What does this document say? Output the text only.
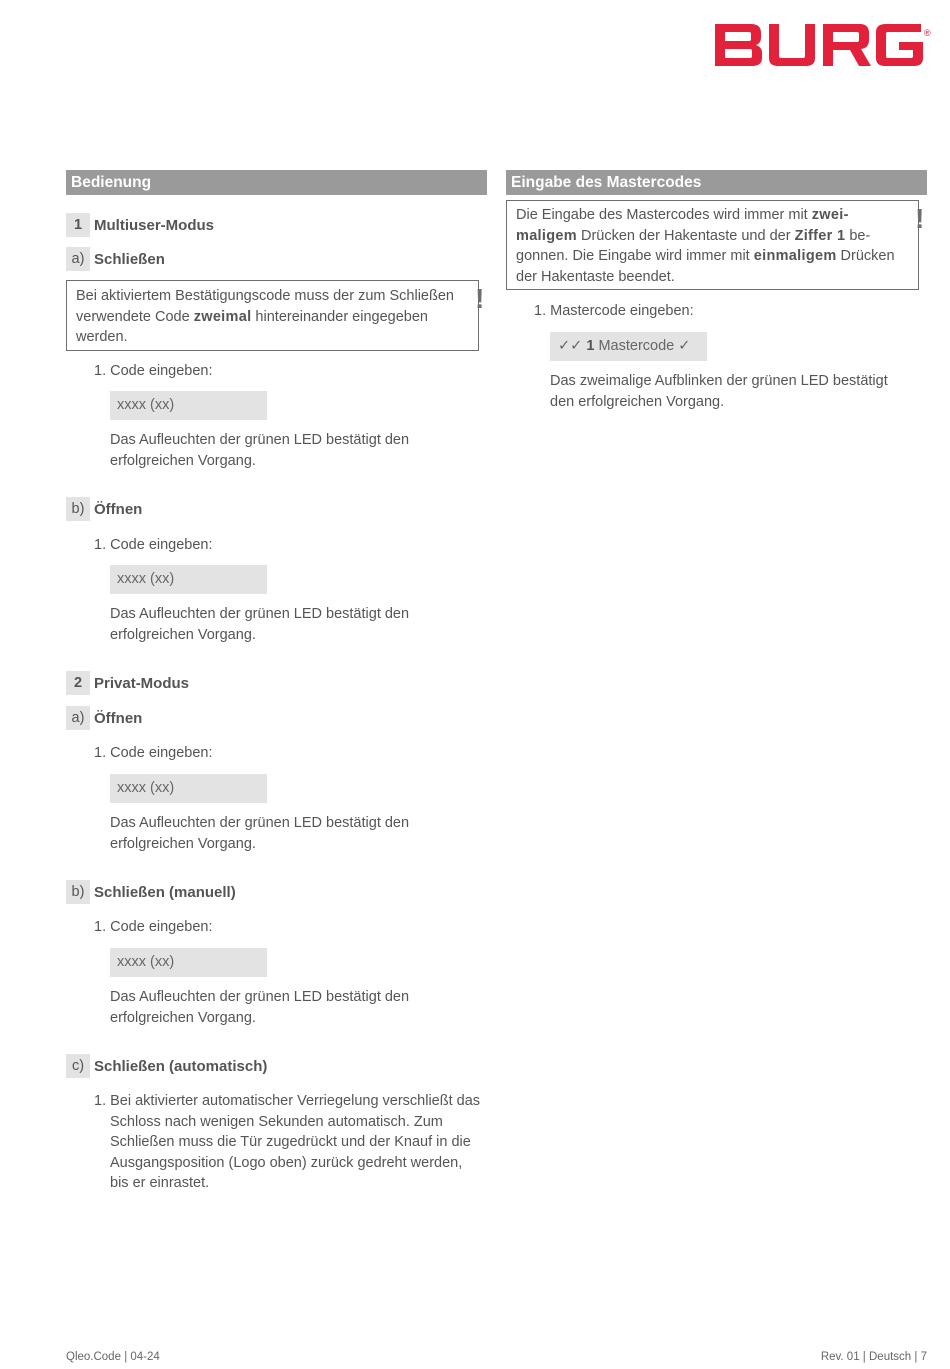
®
Bedienung
1 Multiuser-Modus
a) Schließen
Bei aktiviertem Bestätigungscode muss der zum Schließen verwendete Code zweimal hintereinander eingegeben werden.
!
1. Code eingeben:
xxxx (xx)
Das Aufleuchten der grünen LED bestätigt den
erfolgreichen Vorgang.
b) Öffnen
1. Code eingeben:
xxxx (xx)
Das Aufleuchten der grünen LED bestätigt den
erfolgreichen Vorgang.
2 Privat-Modus
a) Öffnen
1. Code eingeben:
xxxx (xx)
Das Aufleuchten der grünen LED bestätigt den
erfolgreichen Vorgang.
b) Schließen (manuell)
1. Code eingeben:
xxxx (xx)
Das Aufleuchten der grünen LED bestätigt den
erfolgreichen Vorgang.
c) Schließen (automatisch)
1. Bei aktivierter automatischer Verriegelung verschließt das
Schloss nach wenigen Sekunden automatisch. Zum
Schließen muss die Tür zugedrückt und der Knauf in die
Ausgangsposition (Logo oben) zurück gedreht werden,
bis er einrastet.
Eingabe des Mastercodes
Die Eingabe des Mastercodes wird immer mit zwei-
maligem Drücken der Hakentaste und der Ziffer 1 be-
gonnen. Die Eingabe wird immer mit einmaligem Drücken
der Hakentaste beendet.
!
1. Mastercode eingeben:
✓✓ 1 Mastercode ✓
Das zweimalige Aufblinken der grünen LED bestätigt
den erfolgreichen Vorgang.
Qleo.Code | 04-24	Rev. 01 | Deutsch | 7
